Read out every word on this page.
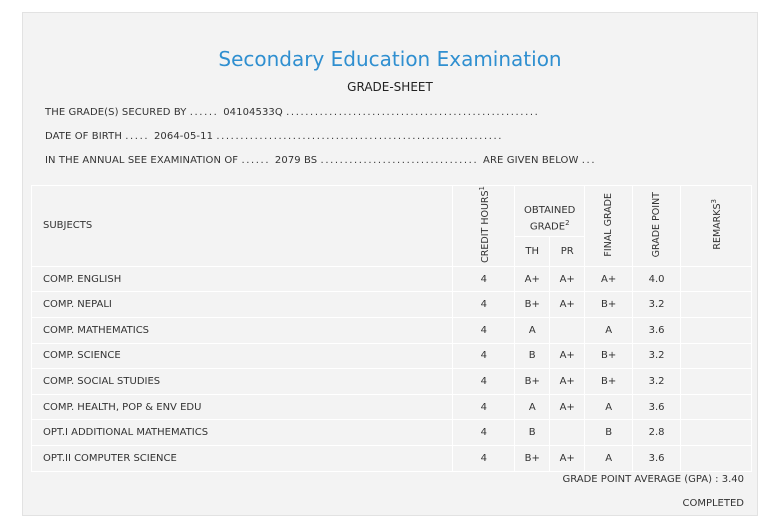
Secondary Education Examination
GRADE-SHEET
THE GRADE(S) SECURED BY ...... 04104533Q .....................................................
DATE OF BIRTH ..... 2064-05-11 ............................................................
IN THE ANNUAL SEE EXAMINATION OF ...... 2079 BS ................................. ARE GIVEN BELOW ...
SUBJECTS	CREDIT HOURS$^1$	OBTAINED GRADE$^2$		FINAL GRADE	GRADE POINT	REMARKS$^3$
		TH	PR			
COMP. ENGLISH	4	A+	A+	A+	4.0	
COMP. NEPALI	4	B+	A+	B+	3.2	
COMP. MATHEMATICS	4	A		A	3.6	
COMP. SCIENCE	4	B	A+	B+	3.2	
COMP. SOCIAL STUDIES	4	B+	A+	B+	3.2	
COMP. HEALTH, POP & ENV EDU	4	A	A+	A	3.6	
OPT.I ADDITIONAL MATHEMATICS	4	B		B	2.8	
OPT.II COMPUTER SCIENCE	4	B+	A+	A	3.6	
GRADE POINT AVERAGE (GPA) : 3.40
COMPLETED
